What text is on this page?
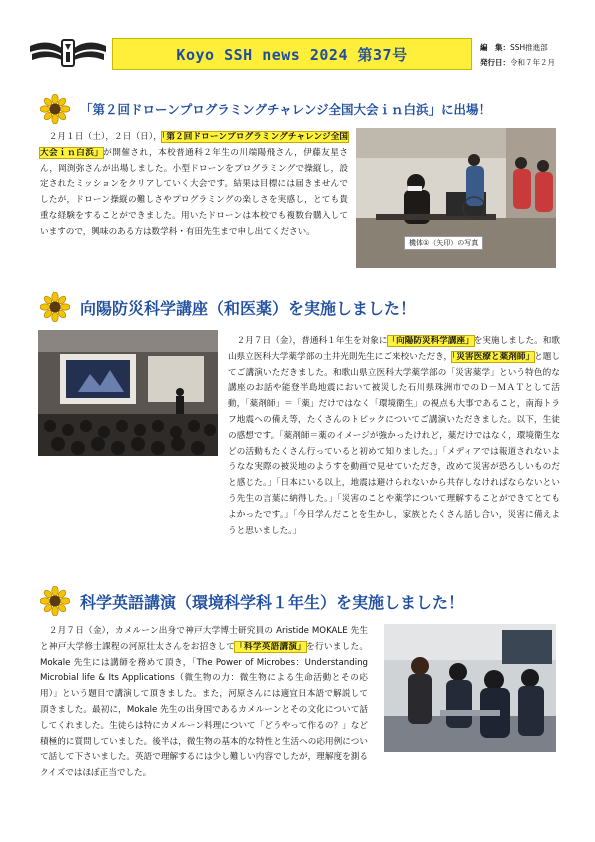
Koyo SSH news 2024 第37号	編　集：SSH推進部
発行日：令和７年２月
「第２回ドローンプログラミングチャレンジ全国大会ｉｎ白浜」に出場！
　２月１日（土），２日（日），「第２回ドローンプログラミングチャレンジ全国大会ｉｎ白浜」が開催され，本校普通科２年生の川端陽飛さん，伊藤友星さん，岡渕弥さんが出場しました。小型ドローンをプログラミングで操縦し，設定されたミッションをクリアしていく大会です。結果は目標には届きませんでしたが，ドローン操縦の難しさやプログラミングの楽しさを実感し，とても貴重な経験をすることができました。用いたドローンは本校でも複数台購入していますので，興味のある方は数学科・有田先生まで申し出てください。
機体①（矢印）の写真
向陽防災科学講座（和医薬）を実施しました！
　２月７日（金），普通科１年生を対象に「向陽防災科学講座」を実施しました。和歌山県立医科大学薬学部の土井光則先生にご来校いただき，「災害医療と薬剤師」と題してご講演いただきました。和歌山県立医科大学薬学部の「災害薬学」という特色的な講座のお話や能登半島地震において被災した石川県珠洲市でのＤ－ＭＡＴとして活動，「薬剤師」＝「薬」だけではなく「環境衛生」の視点も大事であること，南海トラフ地震への備え等，たくさんのトピックについてご講演いただきました。以下，生徒の感想です。「薬剤師＝薬のイメージが強かったけれど，薬だけではなく，環境衛生などの活動もたくさん行っていると初めて知りました。」「メディアでは報道されないようなな実際の被災地のようすを動画で見せていただき，改めて災害が恐ろしいものだと感じた。」「日本にいる以上，地震は避けられないから共存しなければならないという先生の言葉に納得した。」「災害のことや薬学について理解することができてとてもよかったです。」「今日学んだことを生かし，家族とたくさん話し合い，災害に備えようと思いました。」
科学英語講演（環境科学科１年生）を実施しました！
　２月７日（金），カメルーン出身で神戸大学博士研究員の Aristide MOKALE 先生と神戸大学修士課程の河原壮太さんをお招きして「科学英語講演」を行いました。Mokale 先生には講師を務めて頂き，「The Power of Microbes：Understanding Microbial life & Its Applications（微生物の力：微生物による生命活動とその応用）」という題目で講演して頂きました。また，河原さんには適宜日本語で解説して頂きました。最初に，Mokale 先生の出身国であるカメルーンとその文化について話してくれました。生徒らは特にカメルーン料理について「どうやって作るの？」など積極的に質問していました。後半は，微生物の基本的な特性と生活への応用例について話して下さいました。英語で理解するには少し難しい内容でしたが，理解度を測るクイズではほぼ正当でした。
